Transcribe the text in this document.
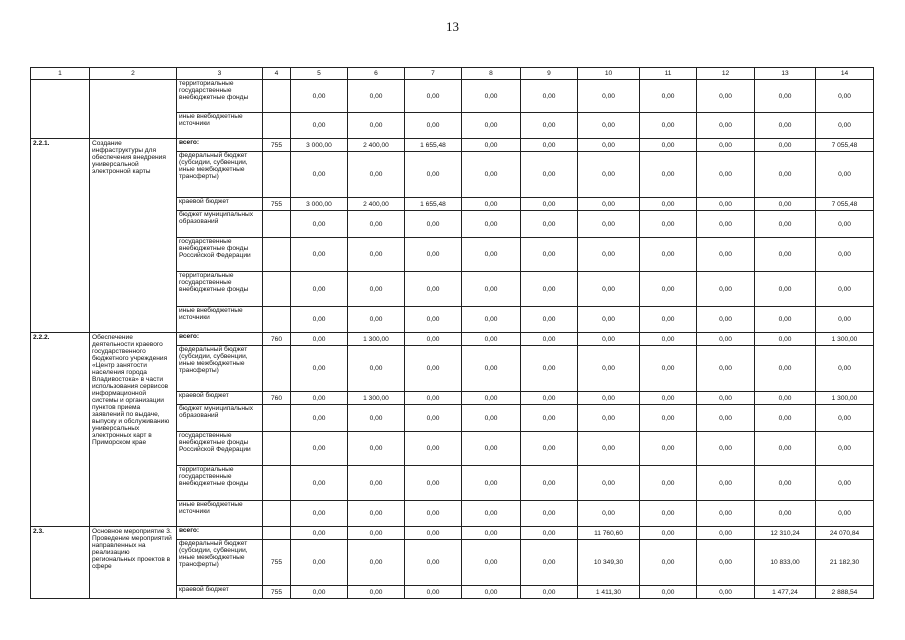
13
1	2	3	4	5	6	7	8	9	10	11	12	13	14
		территориальные государственные внебюджетные фонды		0,00	0,00	0,00	0,00	0,00	0,00	0,00	0,00	0,00	0,00
		иные внебюджетные источники		0,00	0,00	0,00	0,00	0,00	0,00	0,00	0,00	0,00	0,00
2.2.1.	Создание инфраструктуры для обеспечения внедрения универсальной электронной карты	всего:	755	3 000,00	2 400,00	1 655,48	0,00	0,00	0,00	0,00	0,00	0,00	7 055,48
		федеральный бюджет (субсидии, субвенции, иные межбюджетные трансферты)		0,00	0,00	0,00	0,00	0,00	0,00	0,00	0,00	0,00	0,00
		краевой бюджет	755	3 000,00	2 400,00	1 655,48	0,00	0,00	0,00	0,00	0,00	0,00	7 055,48
		бюджет муниципальных образований		0,00	0,00	0,00	0,00	0,00	0,00	0,00	0,00	0,00	0,00
		государственные внебюджетные фонды Российской Федерации		0,00	0,00	0,00	0,00	0,00	0,00	0,00	0,00	0,00	0,00
		территориальные государственные внебюджетные фонды		0,00	0,00	0,00	0,00	0,00	0,00	0,00	0,00	0,00	0,00
		иные внебюджетные источники		0,00	0,00	0,00	0,00	0,00	0,00	0,00	0,00	0,00	0,00
2.2.2.	Обеспечение деятельности краевого государственного бюджетного учреждения «Центр занятости населения города Владивостока» в части использования сервисов информационной системы и организации пунктов приема заявлений по выдаче, выпуску и обслуживанию универсальных электронных карт в Приморском крае	всего:	760	0,00	1 300,00	0,00	0,00	0,00	0,00	0,00	0,00	0,00	1 300,00
		федеральный бюджет (субсидии, субвенции, иные межбюджетные трансферты)		0,00	0,00	0,00	0,00	0,00	0,00	0,00	0,00	0,00	0,00
		краевой бюджет	760	0,00	1 300,00	0,00	0,00	0,00	0,00	0,00	0,00	0,00	1 300,00
		бюджет муниципальных образований		0,00	0,00	0,00	0,00	0,00	0,00	0,00	0,00	0,00	0,00
		государственные внебюджетные фонды Российской Федерации		0,00	0,00	0,00	0,00	0,00	0,00	0,00	0,00	0,00	0,00
		территориальные государственные внебюджетные фонды		0,00	0,00	0,00	0,00	0,00	0,00	0,00	0,00	0,00	0,00
		иные внебюджетные источники		0,00	0,00	0,00	0,00	0,00	0,00	0,00	0,00	0,00	0,00
2.3.	Основное мероприятие 3. Проведение мероприятий направленных на реализацию региональных проектов в сфере	всего:		0,00	0,00	0,00	0,00	0,00	11 760,60	0,00	0,00	12 310,24	24 070,84
		федеральный бюджет (субсидии, субвенции, иные межбюджетные трансферты)	755	0,00	0,00	0,00	0,00	0,00	10 349,30	0,00	0,00	10 833,00	21 182,30
		краевой бюджет	755	0,00	0,00	0,00	0,00	0,00	1 411,30	0,00	0,00	1 477,24	2 888,54
